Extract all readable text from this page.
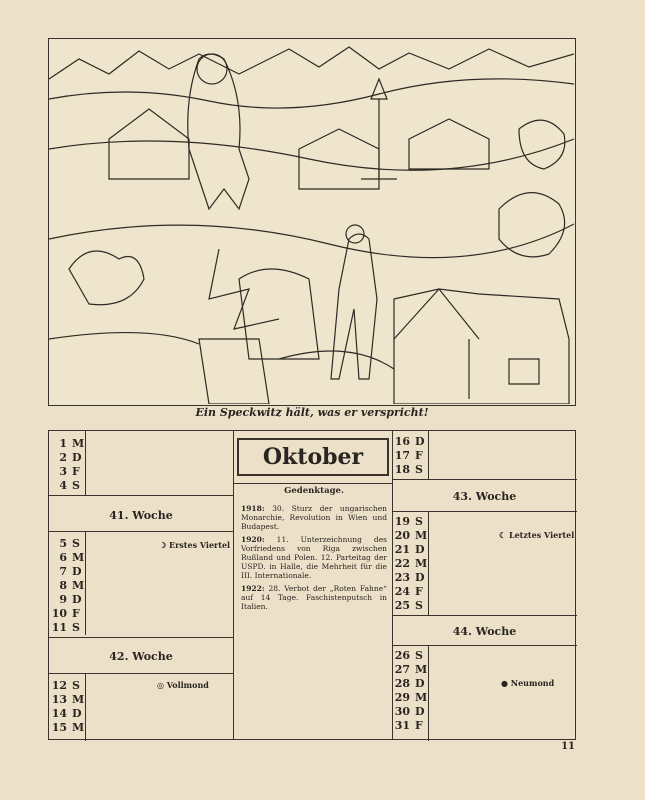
Ein Speckwitz hält, was er verspricht!
1 M
2 D
3 F
4 S
41. Woche
5 S
6 M
7 D
8 M
9 D
10 F
11 S
☽ Erstes Viertel
42. Woche
12 S
13 M
14 D
15 M
◎ Vollmond
Oktober
Gedenktage.
1918: 30. Sturz der ungarischen Monarchie, Revolution in Wien und Budapest.
1920: 11. Unterzeichnung des Vorfriedens von Riga zwischen Rußland und Polen. 12. Parteitag der USPD. in Halle, die Mehrheit für die III. Internationale.
1922: 28. Verbot der „Roten Fahne“ auf 14 Tage. Faschistenputsch in Italien.
16 D
17 F
18 S
43. Woche
19 S
20 M
21 D
22 M
23 D
24 F
25 S
☾ Letztes Viertel
44. Woche
26 S
27 M
28 D
29 M
30 D
31 F
● Neumond
11
